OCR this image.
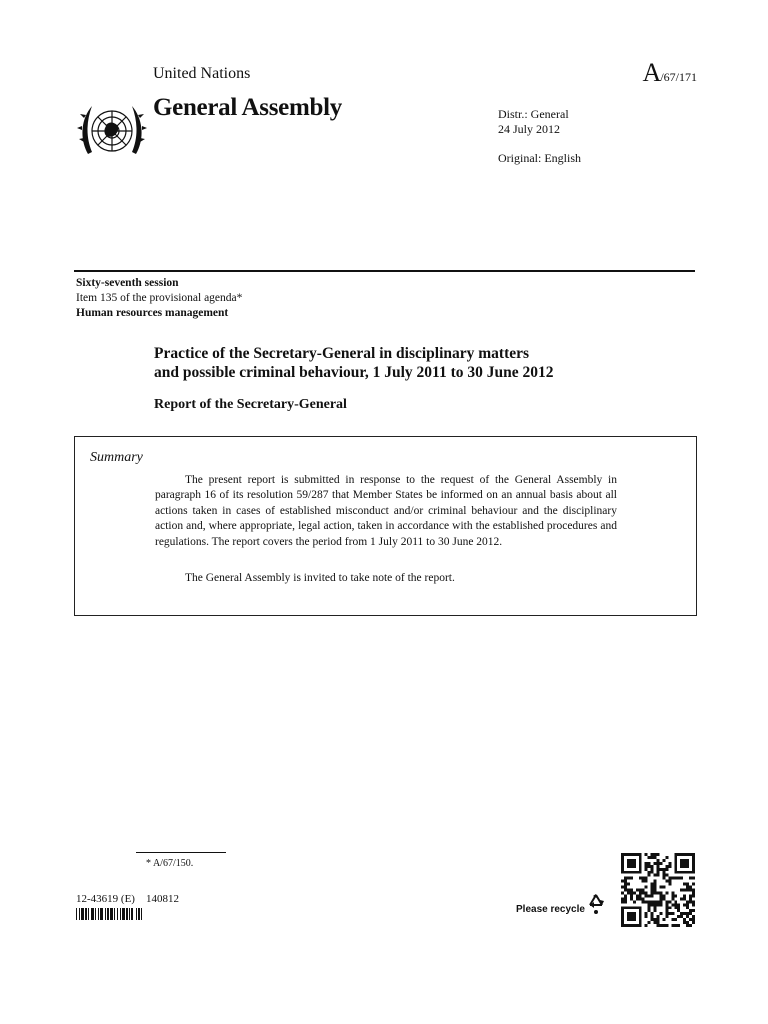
United Nations	A/67/171
General Assembly	Distr.: General
24 July 2012
Original: English
Sixty-seventh session
Item 135 of the provisional agenda*
Human resources management
Practice of the Secretary-General in disciplinary matters
and possible criminal behaviour, 1 July 2011 to 30 June 2012
Report of the Secretary-General
Summary

The present report is submitted in response to the request of the General Assembly in paragraph 16 of its resolution 59/287 that Member States be informed on an annual basis about all actions taken in cases of established misconduct and/or criminal behaviour and the disciplinary action and, where appropriate, legal action, taken in accordance with the established procedures and regulations. The report covers the period from 1 July 2011 to 30 June 2012.

The General Assembly is invited to take note of the report.

* A/67/150.
12-43619 (E)    140812
Please recycle
